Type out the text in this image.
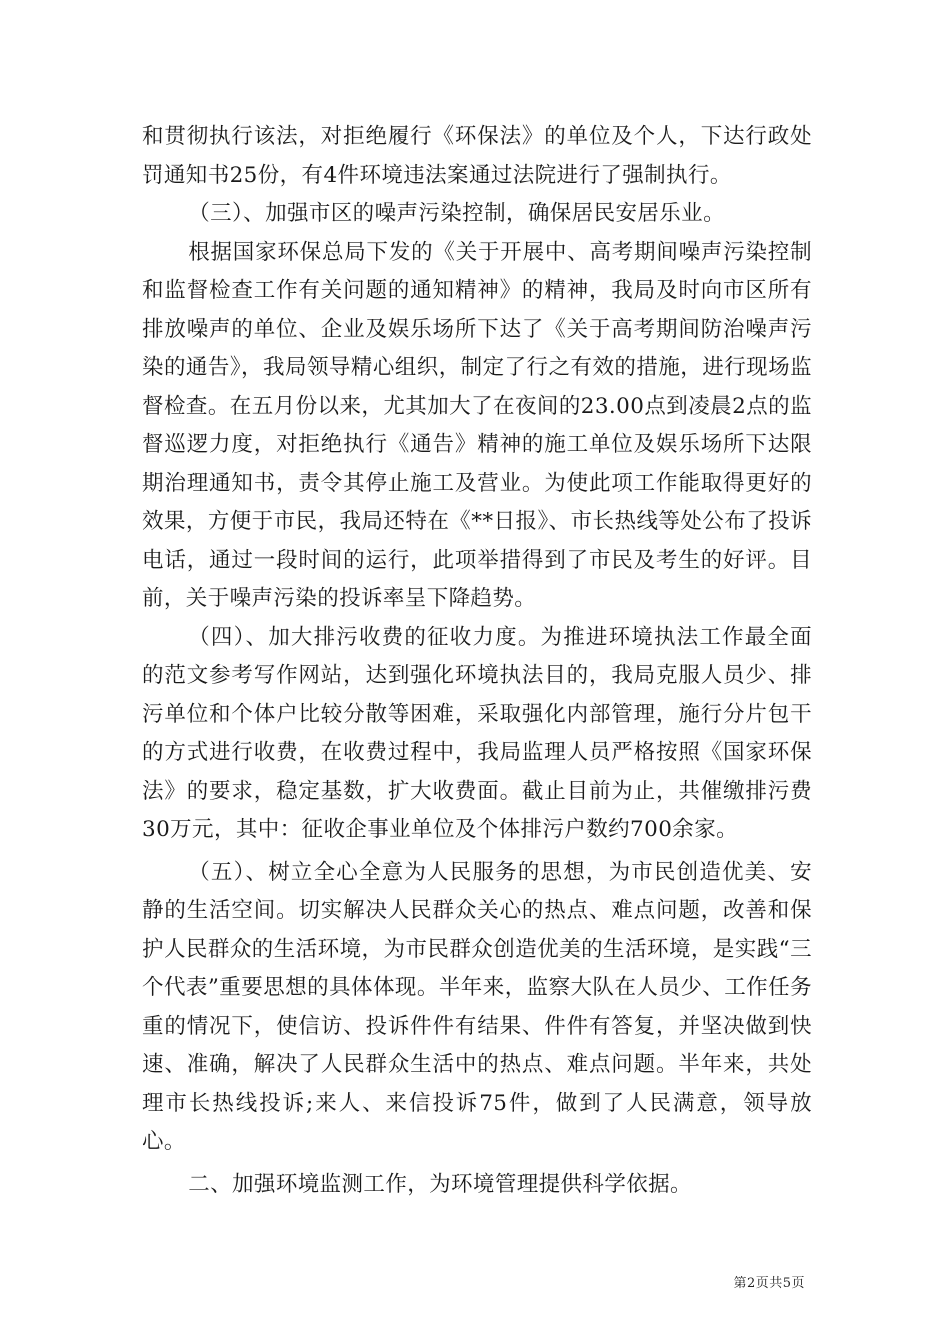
和贯彻执行该法，对拒绝履行《环保法》的单位及个人，下达行政处罚通知书25份，有4件环境违法案通过法院进行了强制执行。

（三）、加强市区的噪声污染控制，确保居民安居乐业。

根据国家环保总局下发的《关于开展中、高考期间噪声污染控制和监督检查工作有关问题的通知精神》的精神，我局及时向市区所有排放噪声的单位、企业及娱乐场所下达了《关于高考期间防治噪声污染的通告》，我局领导精心组织，制定了行之有效的措施，进行现场监督检查。在五月份以来，尤其加大了在夜间的23.00点到凌晨2点的监督巡逻力度，对拒绝执行《通告》精神的施工单位及娱乐场所下达限期治理通知书，责令其停止施工及营业。为使此项工作能取得更好的效果，方便于市民，我局还特在《**日报》、市长热线等处公布了投诉电话，通过一段时间的运行，此项举措得到了市民及考生的好评。目前，关于噪声污染的投诉率呈下降趋势。

（四）、加大排污收费的征收力度。为推进环境执法工作最全面的范文参考写作网站，达到强化环境执法目的，我局克服人员少、排污单位和个体户比较分散等困难，采取强化内部管理，施行分片包干的方式进行收费，在收费过程中，我局监理人员严格按照《国家环保法》的要求，稳定基数，扩大收费面。截止目前为止，共催缴排污费30万元，其中：征收企事业单位及个体排污户数约700余家。

（五）、树立全心全意为人民服务的思想，为市民创造优美、安静的生活空间。切实解决人民群众关心的热点、难点问题，改善和保护人民群众的生活环境，为市民群众创造优美的生活环境，是实践“三个代表”重要思想的具体体现。半年来，监察大队在人员少、工作任务重的情况下，使信访、投诉件件有结果、件件有答复，并坚决做到快速、准确，解决了人民群众生活中的热点、难点问题。半年来，共处理市长热线投诉;来人、来信投诉75件，做到了人民满意，领导放心。

二、加强环境监测工作，为环境管理提供科学依据。

第2页共5页
